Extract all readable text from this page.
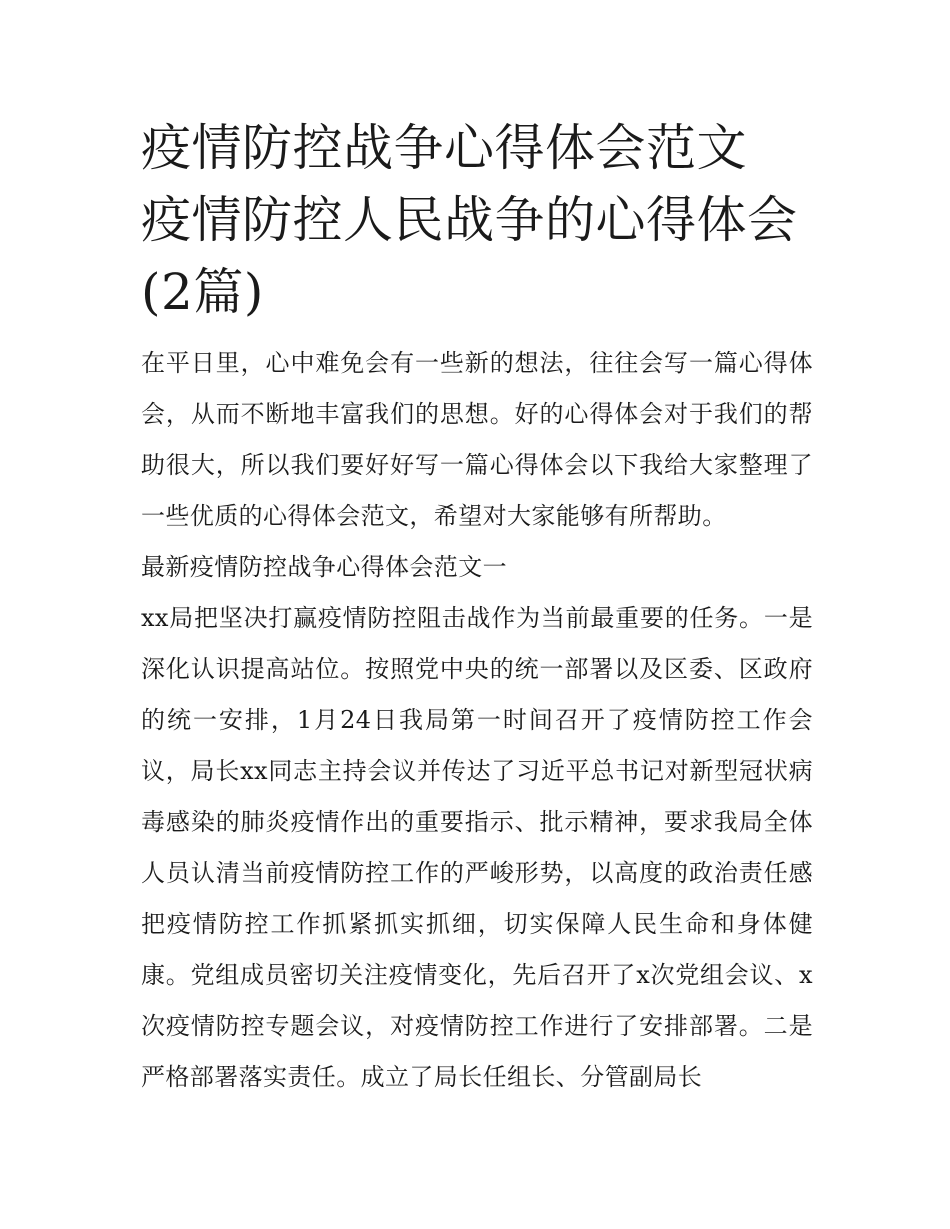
疫情防控战争心得体会范文 疫情防控人民战争的心得体会(2篇)

在平日里，心中难免会有一些新的想法，往往会写一篇心得体会，从而不断地丰富我们的思想。好的心得体会对于我们的帮助很大，所以我们要好好写一篇心得体会以下我给大家整理了一些优质的心得体会范文，希望对大家能够有所帮助。

最新疫情防控战争心得体会范文一

xx局把坚决打赢疫情防控阻击战作为当前最重要的任务。一是深化认识提高站位。按照党中央的统一部署以及区委、区政府的统一安排，1月24日我局第一时间召开了疫情防控工作会议，局长xx同志主持会议并传达了习近平总书记对新型冠状病毒感染的肺炎疫情作出的重要指示、批示精神，要求我局全体人员认清当前疫情防控工作的严峻形势，以高度的政治责任感把疫情防控工作抓紧抓实抓细，切实保障人民生命和身体健康。党组成员密切关注疫情变化，先后召开了x次党组会议、x次疫情防控专题会议，对疫情防控工作进行了安排部署。二是严格部署落实责任。成立了局长任组长、分管副局长
